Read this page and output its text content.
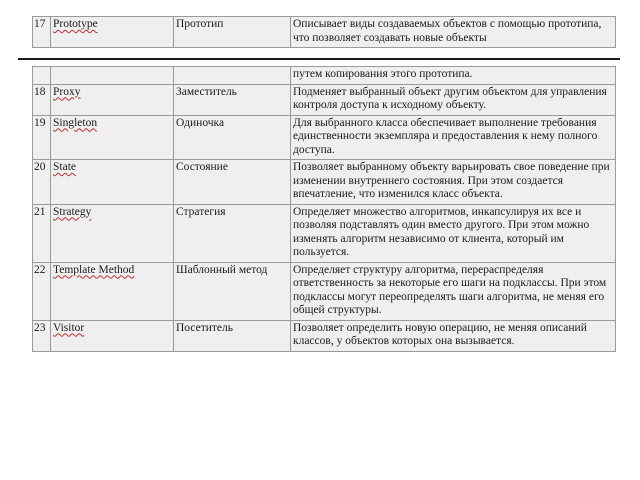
17	Prototype	Прототип	Описывает виды создаваемых объектов с помощью прототипа, что позволяет создавать новые объекты
			путем копирования этого прототипа.
18	Proxy	Заместитель	Подменяет выбранный объект другим объектом для управления контроля доступа к исходному объекту.
19	Singleton	Одиночка	Для выбранного класса обеспечивает выполнение требования единственности экземпляра и предоставления к нему полного доступа.
20	State	Состояние	Позволяет выбранному объекту варьировать свое поведение при изменении внутреннего состояния. При этом создается впечатление, что изменился класс объекта.
21	Strategy	Стратегия	Определяет множество алгоритмов, инкапсулируя их все и позволяя подставлять один вместо другого. При этом можно изменять алгоритм независимо от клиента, который им пользуется.
22	Template Method	Шаблонный метод	Определяет структуру алгоритма, перераспределяя ответственность за некоторые его шаги на подклассы. При этом подклассы могут переопределять шаги алгоритма, не меняя его общей структуры.
23	Visitor	Посетитель	Позволяет определить новую операцию, не меняя описаний классов, у объектов которых она вызывается.
